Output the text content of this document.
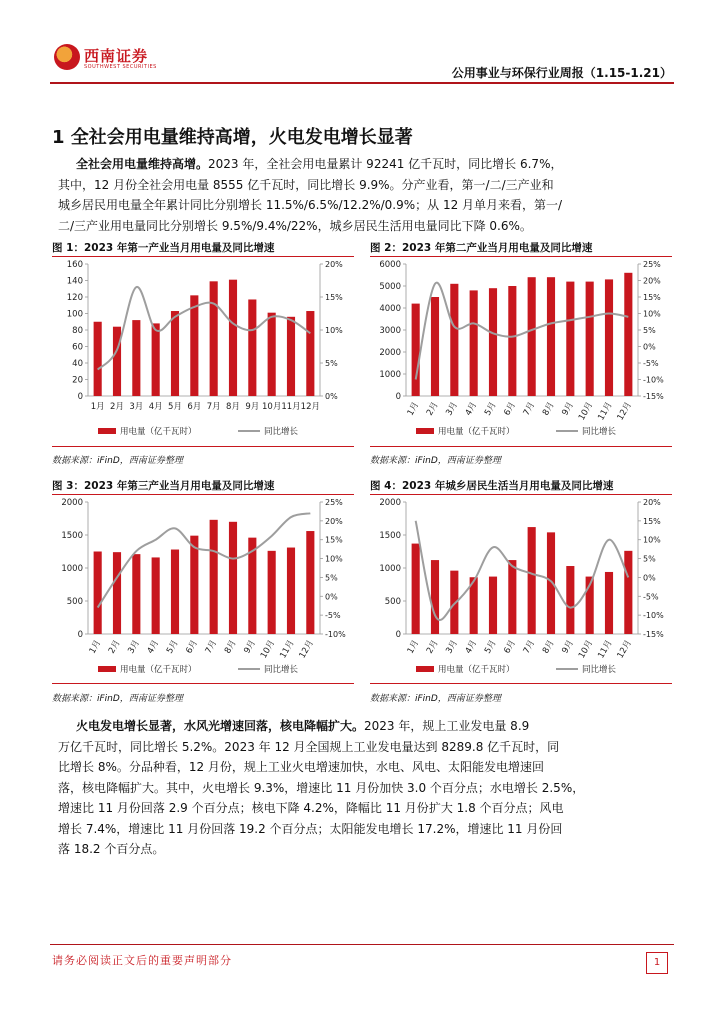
西南证券
SOUTHWEST SECURITIES	公用事业与环保行业周报（1.15-1.21）
1 全社会用电量维持高增，火电发电增长显著
全社会用电量维持高增。2023 年，全社会用电量累计 92241 亿千瓦时，同比增长 6.7%，
其中，12 月份全社会用电量 8555 亿千瓦时，同比增长 9.9%。分产业看，第一/二/三产业和
城乡居民用电量全年累计同比分别增长 11.5%/6.5%/12.2%/0.9%；从 12 月单月来看，第一/
二/三产业用电量同比分别增长 9.5%/9.4%/22%，城乡居民生活用电量同比下降 0.6%。
图 1：2023 年第一产业当月用电量及同比增速
数据来源：iFinD，西南证券整理
图 2：2023 年第二产业当月用电量及同比增速
数据来源：iFinD，西南证券整理
图 3：2023 年第三产业当月用电量及同比增速
数据来源：iFinD，西南证券整理
图 4：2023 年城乡居民生活当月用电量及同比增速
数据来源：iFinD，西南证券整理
0
20
40
60
80
100
120
140
160
0%
5%
10%
15%
20%
1月 2月 3月 4月 5月 6月 7月 8月 9月 10月 11月 12月
用电量（亿千瓦时）	同比增长
0
1000
2000
3000
4000
5000
6000
-15%
-10%
-5%
0%
5%
10%
15%
20%
25%
1月 2月 3月 4月 5月 6月 7月 8月 9月 10月 11月 12月
用电量（亿千瓦时）	同比增长
0
500
1000
1500
2000
-10%
-5%
0%
5%
10%
15%
20%
25%
1月 2月 3月 4月 5月 6月 7月 8月 9月 10月 11月 12月
用电量（亿千瓦时）	同比增长
0
500
1000
1500
2000
-15%
-10%
-5%
0%
5%
10%
15%
20%
1月 2月 3月 4月 5月 6月 7月 8月 9月 10月 11月 12月
用电量（亿千瓦时）	同比增长
火电发电增长显著，水风光增速回落，核电降幅扩大。2023 年，规上工业发电量 8.9
万亿千瓦时，同比增长 5.2%。2023 年 12 月全国规上工业发电量达到 8289.8 亿千瓦时，同
比增长 8%。分品种看，12 月份，规上工业火电增速加快，水电、风电、太阳能发电增速回
落，核电降幅扩大。其中，火电增长 9.3%，增速比 11 月份加快 3.0 个百分点；水电增长 2.5%，
增速比 11 月份回落 2.9 个百分点；核电下降 4.2%，降幅比 11 月份扩大 1.8 个百分点；风电
增长 7.4%，增速比 11 月份回落 19.2 个百分点；太阳能发电增长 17.2%，增速比 11 月份回
落 18.2 个百分点。
请务必阅读正文后的重要声明部分	1
